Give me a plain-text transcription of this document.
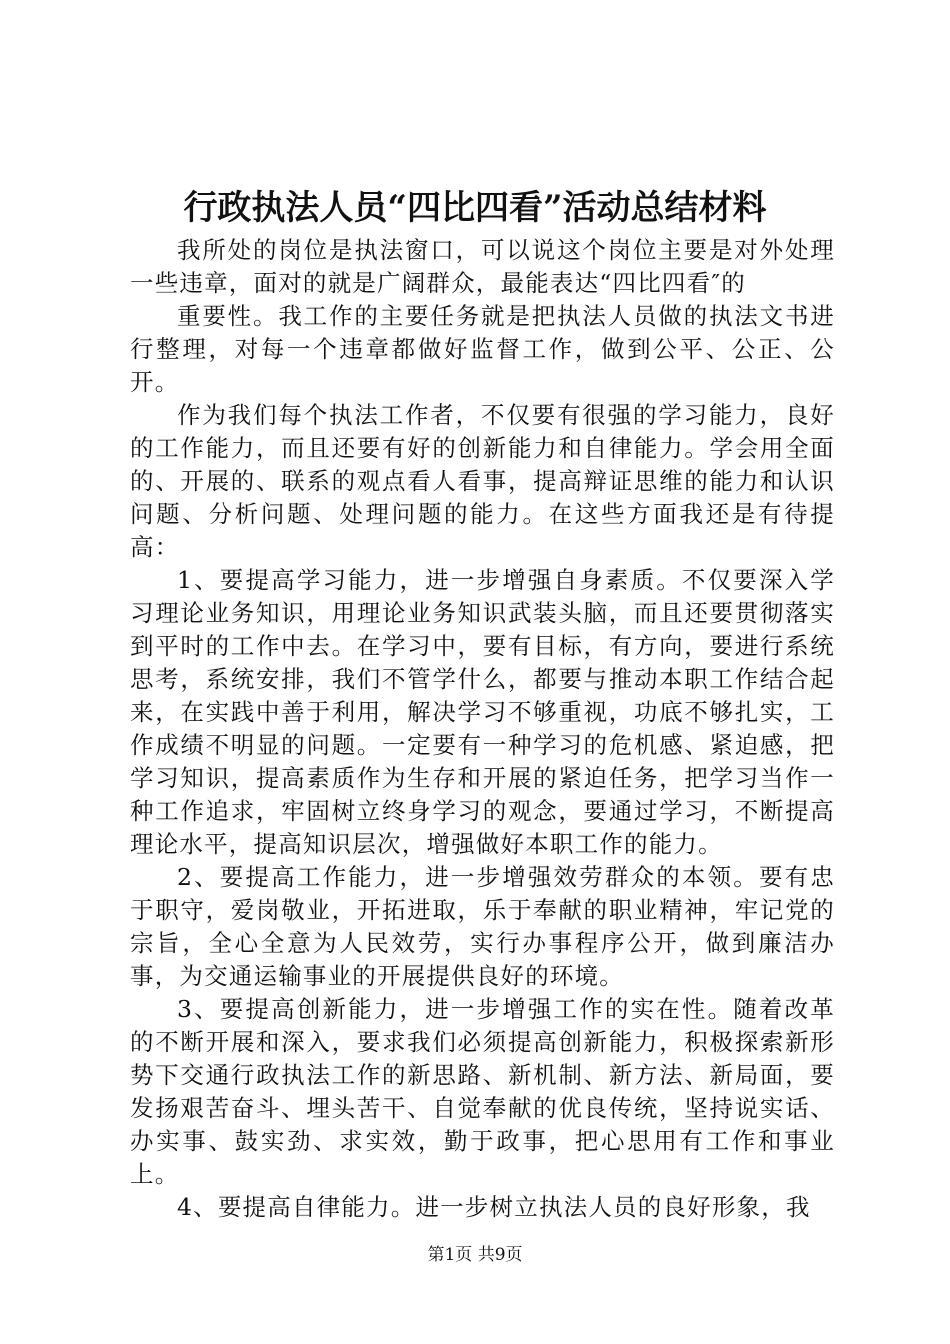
行政执法人员“四比四看”活动总结材料

我所处的岗位是执法窗口，可以说这个岗位主要是对外处理一些违章，面对的就是广阔群众，最能表达“四比四看″的

重要性。我工作的主要任务就是把执法人员做的执法文书进行整理，对每一个违章都做好监督工作，做到公平、公正、公开。

作为我们每个执法工作者，不仅要有很强的学习能力，良好的工作能力，而且还要有好的创新能力和自律能力。学会用全面的、开展的、联系的观点看人看事，提高辩证思维的能力和认识问题、分析问题、处理问题的能力。在这些方面我还是有待提高：

1、要提高学习能力，进一步增强自身素质。不仅要深入学习理论业务知识，用理论业务知识武装头脑，而且还要贯彻落实到平时的工作中去。在学习中，要有目标，有方向，要进行系统思考，系统安排，我们不管学什么，都要与推动本职工作结合起来，在实践中善于利用，解决学习不够重视，功底不够扎实，工作成绩不明显的问题。一定要有一种学习的危机感、紧迫感，把学习知识，提高素质作为生存和开展的紧迫任务，把学习当作一种工作追求，牢固树立终身学习的观念，要通过学习，不断提高理论水平，提高知识层次，增强做好本职工作的能力。

2、要提高工作能力，进一步增强效劳群众的本领。要有忠于职守，爱岗敬业，开拓进取，乐于奉献的职业精神，牢记党的宗旨，全心全意为人民效劳，实行办事程序公开，做到廉洁办事，为交通运输事业的开展提供良好的环境。

3、要提高创新能力，进一步增强工作的实在性。随着改革的不断开展和深入，要求我们必须提高创新能力，积极探索新形势下交通行政执法工作的新思路、新机制、新方法、新局面，要发扬艰苦奋斗、埋头苦干、自觉奉献的优良传统，坚持说实话、办实事、鼓实劲、求实效，勤于政事，把心思用有工作和事业上。

4、要提高自律能力。进一步树立执法人员的良好形象，我

第1页 共9页
